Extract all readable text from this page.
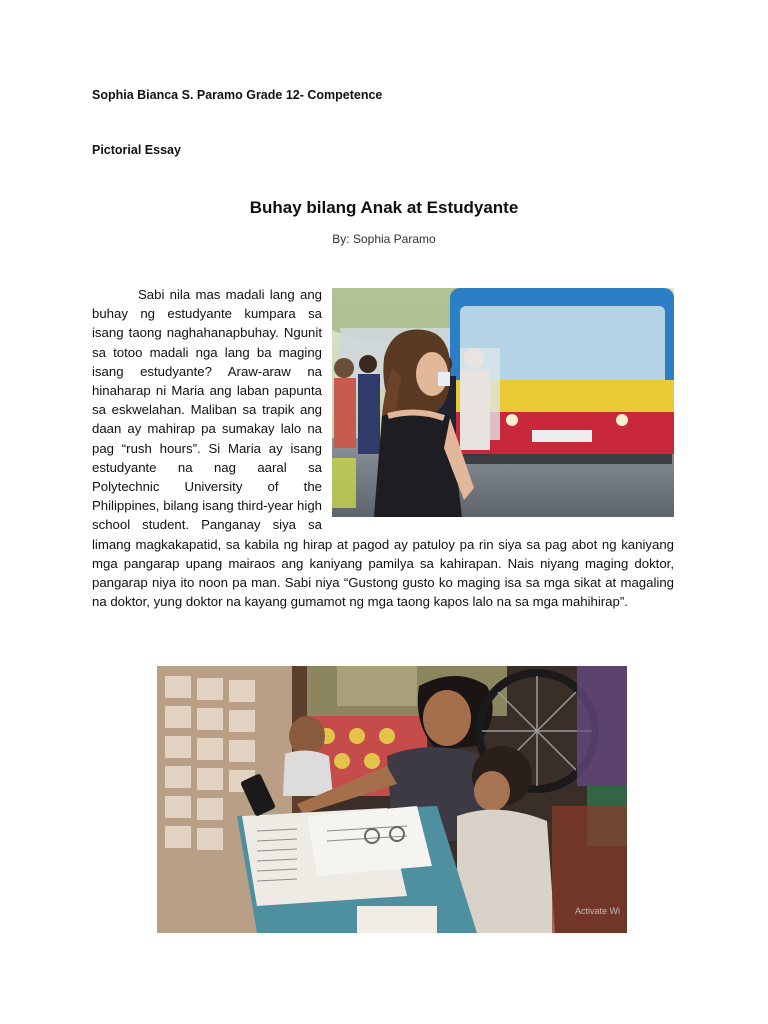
Sophia Bianca S. Paramo Grade 12- Competence
Pictorial Essay
Buhay bilang Anak at Estudyante
By: Sophia Paramo

Sabi nila mas madali lang ang buhay ng estudyante kumpara sa isang taong naghahanapbuhay. Ngunit sa totoo madali nga lang ba maging isang estudyante? Araw-araw na hinaharap ni Maria ang laban papunta sa eskwelahan. Maliban sa trapik ang daan ay mahirap pa sumakay lalo na pag “rush hours”. Si Maria ay isang estudyante na nag aaral sa Polytechnic University of the Philippines, bilang isang third-year high school student. Panganay siya sa limang magkakapatid, sa kabila ng hirap at pagod ay patuloy pa rin siya sa pag abot ng kaniyang mga pangarap upang mairaos ang kaniyang pamilya sa kahirapan. Nais niyang maging doktor, pangarap niya ito noon pa man. Sabi niya “Gustong gusto ko maging isa sa mga sikat at magaling na doktor, yung doktor na kayang gumamot ng mga taong kapos lalo na sa mga mahihirap”.

Activate Wi
